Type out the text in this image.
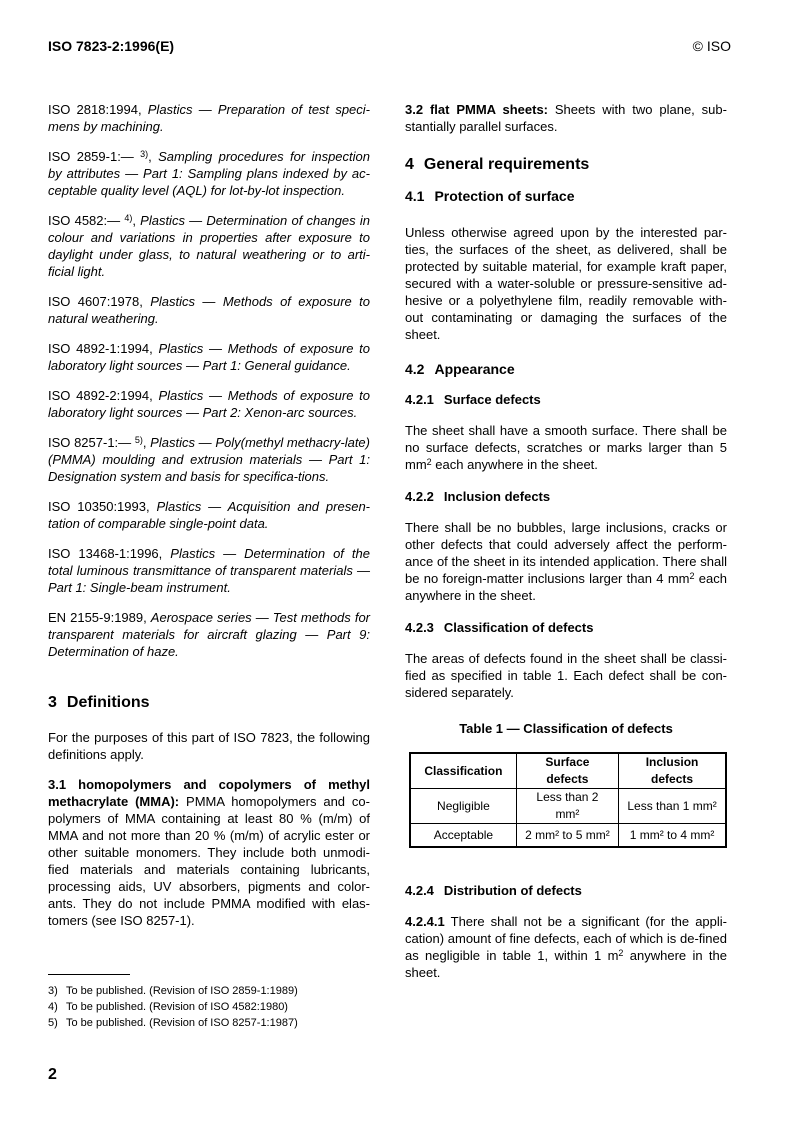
ISO 7823-2:1996(E)	© ISO

ISO 2818:1994, Plastics — Preparation of test speci-mens by machining.

ISO 2859-1:— $^{3)}$, Sampling procedures for inspection by attributes — Part 1: Sampling plans indexed by ac-ceptable quality level (AQL) for lot-by-lot inspection.

ISO 4582:— $^{4)}$, Plastics — Determination of changes in colour and variations in properties after exposure to daylight under glass, to natural weathering or to arti-ficial light.

ISO 4607:1978, Plastics — Methods of exposure to natural weathering.

ISO 4892-1:1994, Plastics — Methods of exposure to laboratory light sources — Part 1: General guidance.

ISO 4892-2:1994, Plastics — Methods of exposure to laboratory light sources — Part 2: Xenon-arc sources.

ISO 8257-1:— $^{5)}$, Plastics — Poly(methyl methacry-late) (PMMA) moulding and extrusion materials — Part 1: Designation system and basis for specifica-tions.

ISO 10350:1993, Plastics — Acquisition and presen-tation of comparable single-point data.

ISO 13468-1:1996, Plastics — Determination of the total luminous transmittance of transparent materials — Part 1: Single-beam instrument.

EN 2155-9:1989, Aerospace series — Test methods for transparent materials for aircraft glazing — Part 9: Determination of haze.

3 Definitions

For the purposes of this part of ISO 7823, the following definitions apply.

3.1 homopolymers and copolymers of methyl methacrylate (MMA): PMMA homopolymers and co-polymers of MMA containing at least 80 % (m/m) of MMA and not more than 20 % (m/m) of acrylic ester or other suitable monomers. They include both unmodi-fied materials and materials containing lubricants, processing aids, UV absorbers, pigments and color-ants. They do not include PMMA modified with elas-tomers (see ISO 8257-1).

3.2 flat PMMA sheets: Sheets with two plane, sub-stantially parallel surfaces.

4 General requirements
4.1 Protection of surface

Unless otherwise agreed upon by the interested par-ties, the surfaces of the sheet, as delivered, shall be protected by suitable material, for example kraft paper, secured with a water-soluble or pressure-sensitive ad-hesive or a polyethylene film, readily removable with-out contaminating or damaging the surfaces of the sheet.

4.2 Appearance
4.2.1 Surface defects

The sheet shall have a smooth surface. There shall be no surface defects, scratches or marks larger than 5 $mm^2$ each anywhere in the sheet.

4.2.2 Inclusion defects

There shall be no bubbles, large inclusions, cracks or other defects that could adversely affect the perform-ance of the sheet in its intended application. There shall be no foreign-matter inclusions larger than 4 $mm^2$ each anywhere in the sheet.

4.2.3 Classification of defects

The areas of defects found in the sheet shall be classi-fied as specified in table 1. Each defect shall be con-sidered separately.

Table 1 — Classification of defects
Classification	Surface defects	Inclusion defects
Negligible	Less than 2 mm²	Less than 1 mm²
Acceptable	2 mm² to 5 mm²	1 mm² to 4 mm²
4.2.4 Distribution of defects

4.2.4.1 There shall not be a significant (for the appli-cation) amount of fine defects, each of which is de-fined as negligible in table 1, within 1 $m^2$ anywhere in the sheet.

3) To be published. (Revision of ISO 2859-1:1989)

4) To be published. (Revision of ISO 4582:1980)

5) To be published. (Revision of ISO 8257-1:1987)

2
